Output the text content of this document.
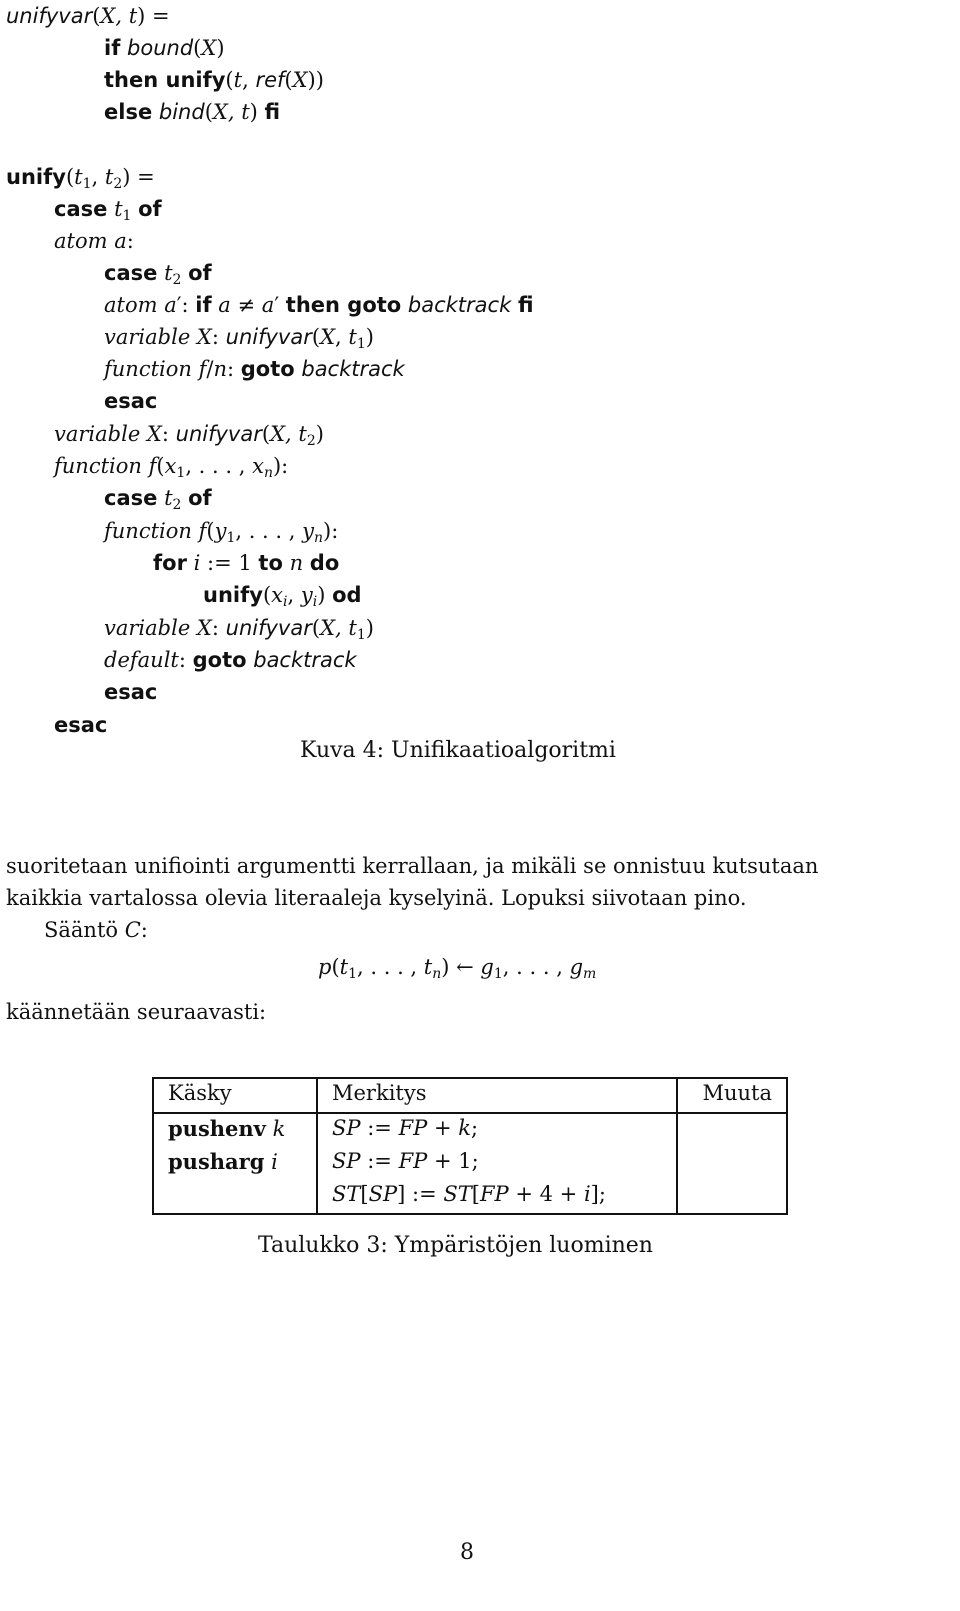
unifyvar(X, t) =
if bound(X)
then unify(t, ref(X))
else bind(X, t) fi
$unify(t_1$, $t_2$) =
case $t_1$ of
atom a:
case $t_2$ of
atom a′: if a ≠ a′ then goto backtrack fi
variable X: unifyvar(X, $t_1$)
function f/n: goto backtrack
esac
variable X: unifyvar(X, $t_2$)
function $f(x_1$, . . . , $x_n$):
case $t_2$ of
function $f(y_1$, . . . , $y_n$):
for i := 1 to n do
$unify(x_i$, $y_i$) od
variable X: unifyvar(X, $t_1$)
default: goto backtrack
esac
esac
Kuva 4: Unifikaatioalgoritmi
suoritetaan unifiointi argumentti kerrallaan, ja mikäli se onnistuu kutsutaan
kaikkia vartalossa olevia literaaleja kyselyinä. Lopuksi siivotaan pino.
Sääntö C:
$p(t_1$, . . . , $t_n$) ← $g_1$, . . . , $g_m$
käännetään seuraavasti:
Käsky	Merkitys	Muuta
pushenv k	SP := FP + k;	
pusharg i	SP := FP + 1;	
	ST[SP] := ST[FP + 4 + i];	
Taulukko 3: Ympäristöjen luominen
8
